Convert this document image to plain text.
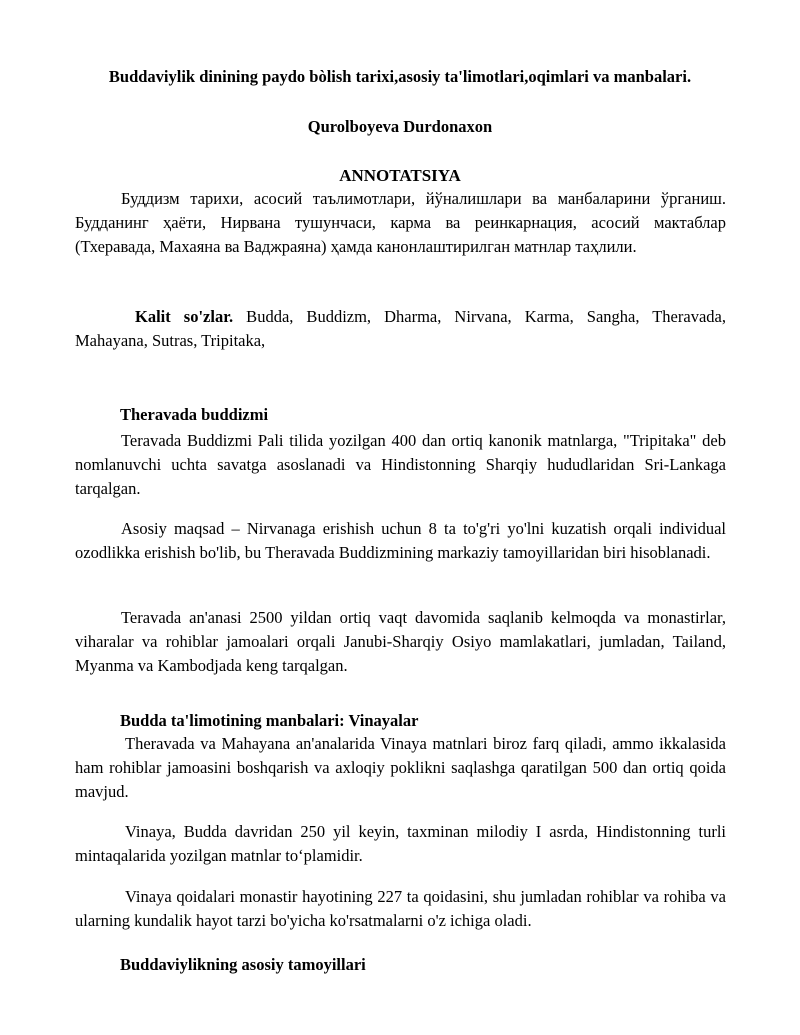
Buddaviylik dinining paydo bòlish tarixi,asosiy ta'limotlari,oqimlari va manbalari.

Qurolboyeva Durdonaxon

ANNOTATSIYA

Буддизм тарихи, асосий таълимотлари, йўналишлари ва манбаларини ўрганиш. Будданинг ҳаёти, Нирвана тушунчаси, карма ва реинкарнация, асосий мактаблар (Тхеравада, Махаяна ва Ваджраяна) ҳамда канонлаштирилган матнлар таҳлили.

Kalit so'zlar. Budda, Buddizm, Dharma, Nirvana, Karma, Sangha, Theravada, Mahayana, Sutras, Tripitaka,

Theravada buddizmi

Teravada Buddizmi Pali tilida yozilgan 400 dan ortiq kanonik matnlarga, "Tripitaka" deb nomlanuvchi uchta savatga asoslanadi va Hindistonning Sharqiy hududlaridan Sri-Lankaga tarqalgan.

Asosiy maqsad – Nirvanaga erishish uchun 8 ta to'g'ri yo'lni kuzatish orqali individual ozodlikka erishish bo'lib, bu Theravada Buddizmining markaziy tamoyillaridan biri hisoblanadi.

Teravada an'anasi 2500 yildan ortiq vaqt davomida saqlanib kelmoqda va monastirlar, viharalar va rohiblar jamoalari orqali Janubi-Sharqiy Osiyo mamlakatlari, jumladan, Tailand, Myanma va Kambodjada keng tarqalgan.

Budda ta'limotining manbalari: Vinayalar

Theravada va Mahayana an'analarida Vinaya matnlari biroz farq qiladi, ammo ikkalasida ham rohiblar jamoasini boshqarish va axloqiy poklikni saqlashga qaratilgan 500 dan ortiq qoida mavjud.

Vinaya, Budda davridan 250 yil keyin, taxminan milodiy I asrda, Hindistonning turli mintaqalarida yozilgan matnlar to‘plamidir.

Vinaya qoidalari monastir hayotining 227 ta qoidasini, shu jumladan rohiblar va rohiba va ularning kundalik hayot tarzi bo'yicha ko'rsatmalarni o'z ichiga oladi.

Buddaviylikning asosiy tamoyillari
